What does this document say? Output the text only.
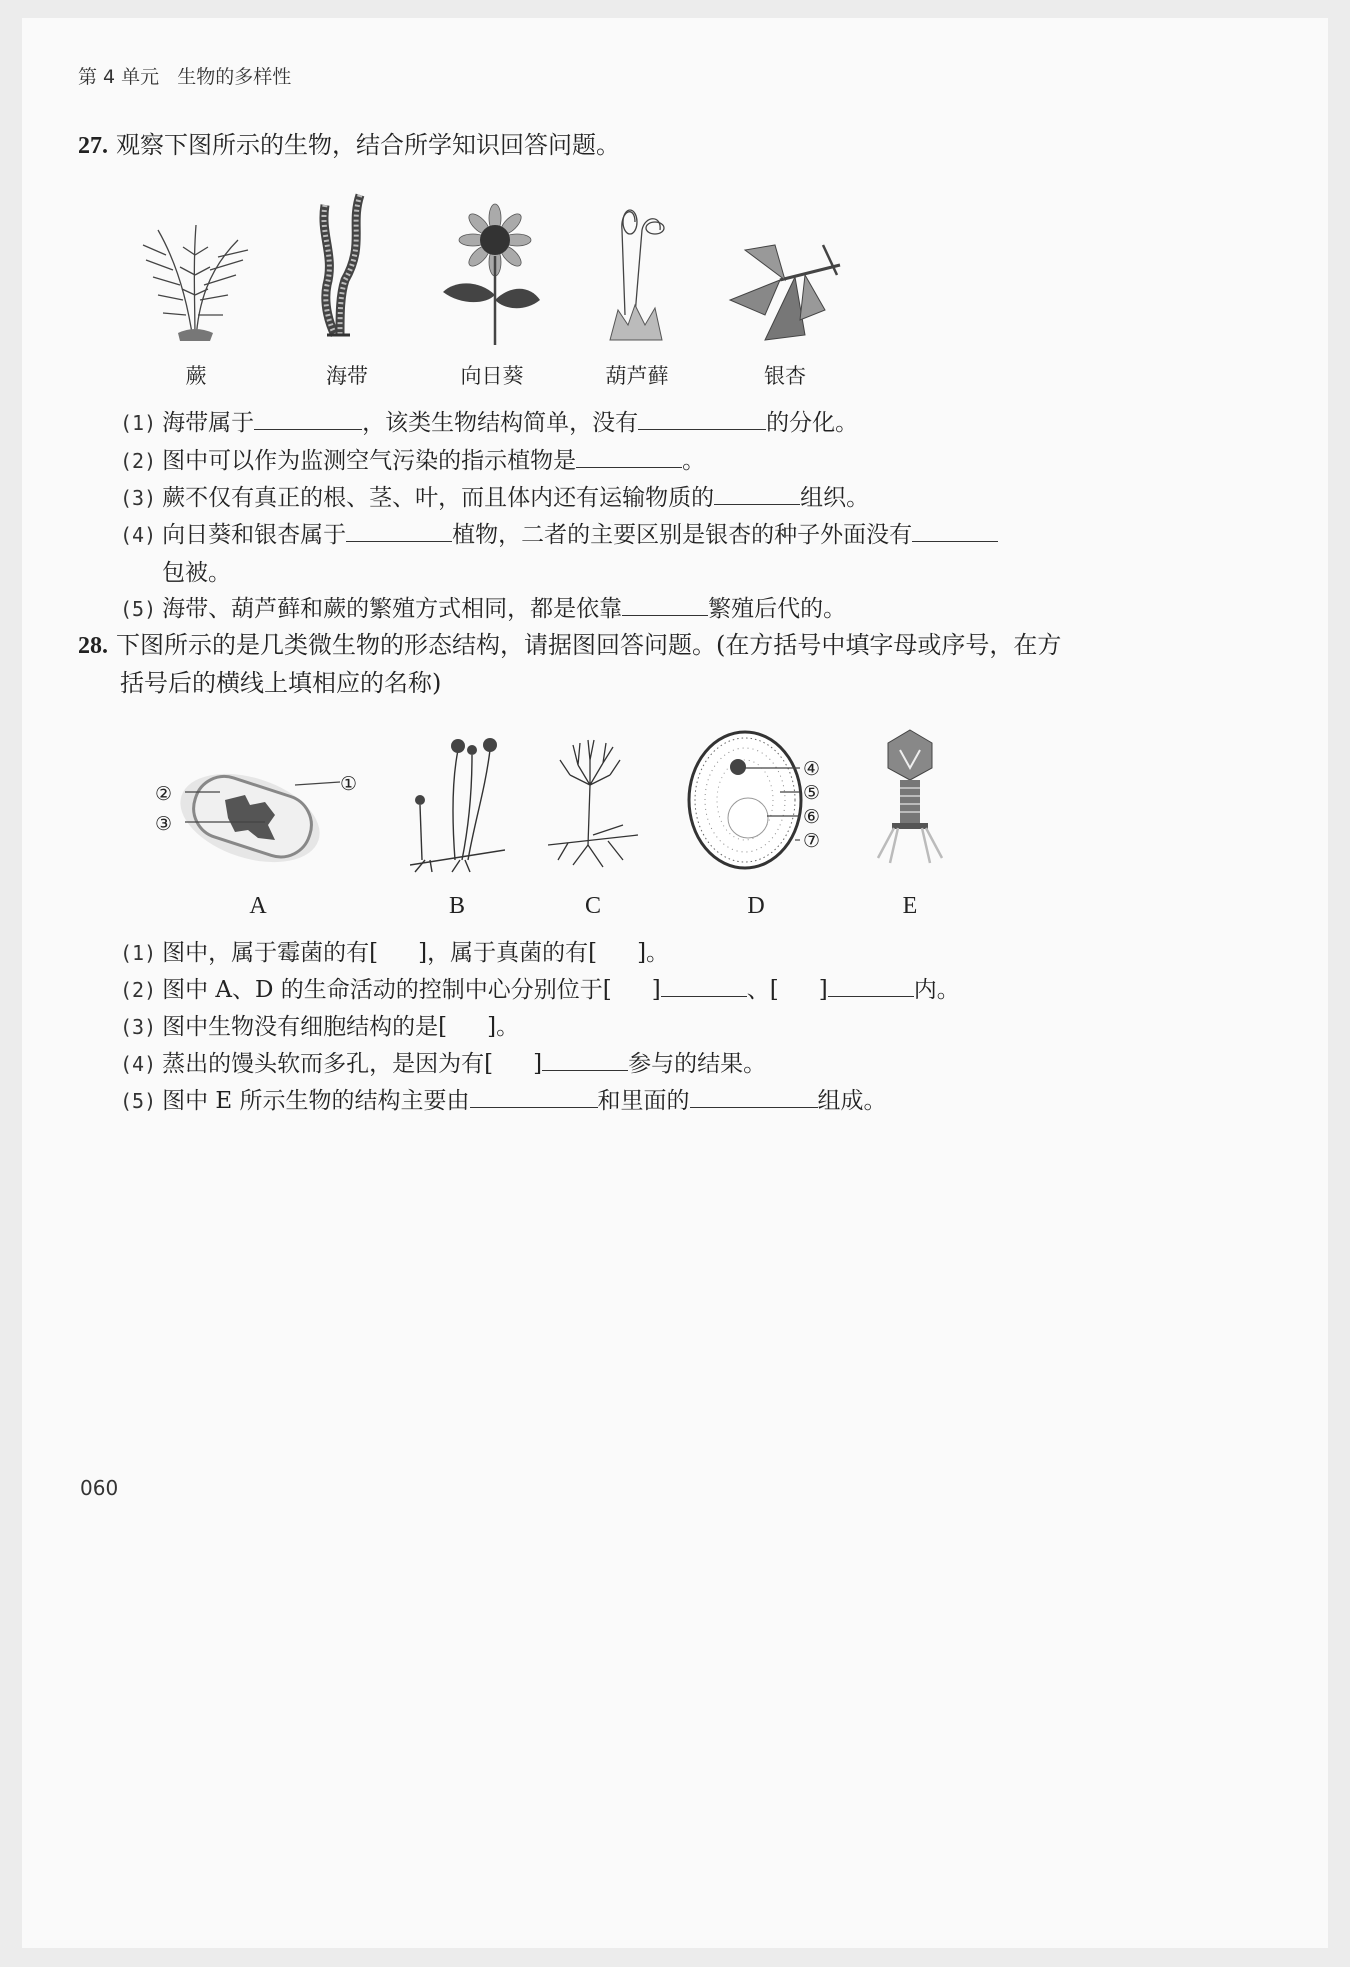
第 4 单元 生物的多样性
27. 观察下图所示的生物，结合所学知识回答问题。
蕨	海带	向日葵	葫芦藓	银杏
(1) 海带属于	，该类生物结构简单，没有	的分化。
(2) 图中可以作为监测空气污染的指示植物是	。
(3) 蕨不仅有真正的根、茎、叶，而且体内还有运输物质的	组织。
(4) 向日葵和银杏属于	植物，二者的主要区别是银杏的种子外面没有
包被。
(5) 海带、葫芦藓和蕨的繁殖方式相同，都是依靠	繁殖后代的。
28. 下图所示的是几类微生物的形态结构，请据图回答问题。(在方括号中填字母或序号，在方
括号后的横线上填相应的名称)
①
②
③
④
⑤
⑥
⑦
A	B	C	D	E
(1) 图中，属于霉菌的有[ ]，属于真菌的有[ ]。
(2) 图中 A、D 的生命活动的控制中心分别位于[ ]	、[ ]	内。
(3) 图中生物没有细胞结构的是[ ]。
(4) 蒸出的馒头软而多孔，是因为有[ ]	参与的结果。
(5) 图中 E 所示生物的结构主要由	和里面的	组成。
060
